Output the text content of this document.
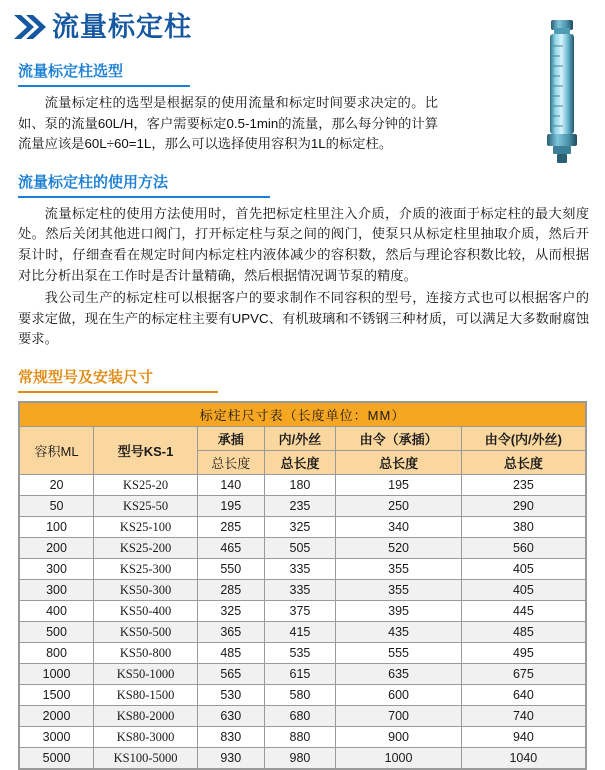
流量标定柱
流量标定柱选型

流量标定柱的选型是根据泵的使用流量和标定时间要求决定的。比如、泵的流量60L/H，客户需要标定0.5-1min的流量，那么每分钟的计算流量应该是60L÷60=1L，那么可以选择使用容积为1L的标定柱。

流量标定柱的使用方法

流量标定柱的使用方法使用时，首先把标定柱里注入介质，介质的液面于标定柱的最大刻度处。然后关闭其他进口阀门，打开标定柱与泵之间的阀门，使泵只从标定柱里抽取介质，然后开泵计时，仔细查看在规定时间内标定柱内液体减少的容积数，然后与理论容积数比较，从而根据对比分析出泵在工作时是否计量精确，然后根据情况调节泵的精度。

我公司生产的标定柱可以根据客户的要求制作不同容积的型号，连接方式也可以根据客户的要求定做，现在生产的标定柱主要有UPVC、有机玻璃和不锈钢三种材质，可以满足大多数耐腐蚀要求。

常规型号及安装尺寸
标定柱尺寸表（长度单位：MM）					
容积ML	型号KS-1	承插	内/外丝	由令（承插）	由令(内/外丝)
		总长度	总长度	总长度	总长度
20	KS25-20	140	180	195	235
50	KS25-50	195	235	250	290
100	KS25-100	285	325	340	380
200	KS25-200	465	505	520	560
300	KS25-300	550	335	355	405
300	KS50-300	285	335	355	405
400	KS50-400	325	375	395	445
500	KS50-500	365	415	435	485
800	KS50-800	485	535	555	495
1000	KS50-1000	565	615	635	675
1500	KS80-1500	530	580	600	640
2000	KS80-2000	630	680	700	740
3000	KS80-3000	830	880	900	940
5000	KS100-5000	930	980	1000	1040
